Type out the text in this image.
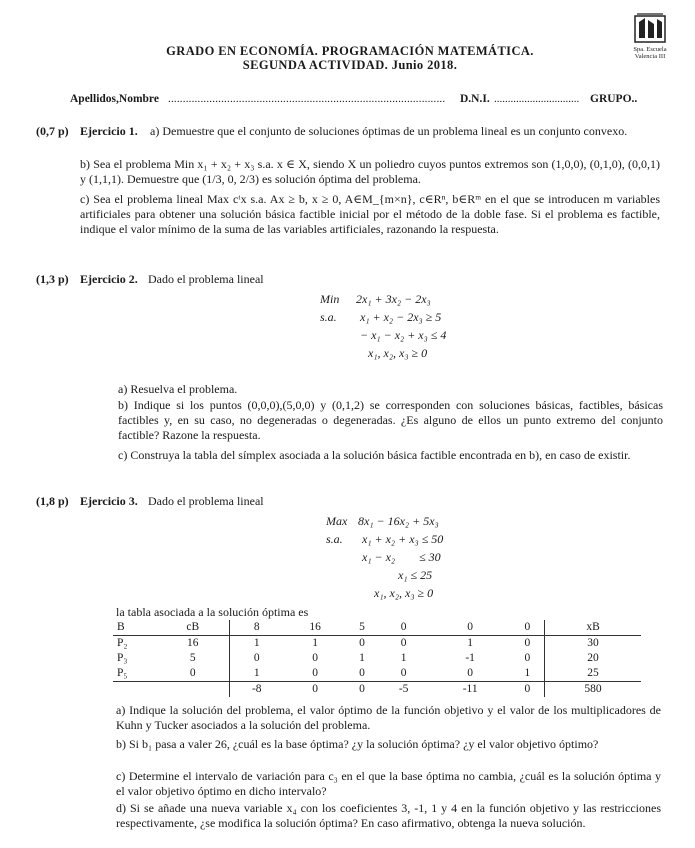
GRADO EN ECONOMÍA. PROGRAMACIÓN MATEMÁTICA.
SEGUNDA ACTIVIDAD. Junio 2018.
Spa. Escuela
Valencia III
Apellidos,Nombre .............................................................................................. D.N.I. ............................... GRUPO..
(0,7 p) Ejercicio 1. a) Demuestre que el conjunto de soluciones óptimas de un problema lineal es un conjunto convexo.
b) Sea el problema Min x₁ + x₂ + x₃ s.a. x ∈ X, siendo X un poliedro cuyos puntos extremos son (1,0,0), (0,1,0), (0,0,1) y (1,1,1). Demuestre que (1/3, 0, 2/3) es solución óptima del problema.
c) Sea el problema lineal Max cᵗx s.a. Ax ≥ b, x ≥ 0, A∈M_{m×n}, c∈Rⁿ, b∈Rᵐ en el que se introducen m variables artificiales para obtener una solución básica factible inicial por el método de la doble fase. Si el problema es factible, indique el valor mínimo de la suma de las variables artificiales, razonando la respuesta.
(1,3 p) Ejercicio 2. Dado el problema lineal
Min 2x₁ + 3x₂ − 2x₃
s.a. x₁ + x₂ − 2x₃ ≥ 5
− x₁ − x₂ + x₃ ≤ 4
x₁, x₂, x₃ ≥ 0
a) Resuelva el problema.
b) Indique si los puntos (0,0,0),(5,0,0) y (0,1,2) se corresponden con soluciones básicas, factibles, básicas factibles y, en su caso, no degeneradas o degeneradas. ¿Es alguno de ellos un punto extremo del conjunto factible? Razone la respuesta.
c) Construya la tabla del símplex asociada a la solución básica factible encontrada en b), en caso de existir.
(1,8 p) Ejercicio 3. Dado el problema lineal
Max 8x₁ − 16x₂ + 5x₃
s.a. x₁ + x₂ + x₃ ≤ 50
x₁ − x₂        ≤ 30
x₁ ≤ 25
x₁, x₂, x₃ ≥ 0
la tabla asociada a la solución óptima es
B	cB	8	16	5	0	0	0	xB
P₂	16	1	1	0	0	1	0	30
P₃	5	0	0	1	1	-1	0	20
P₅	0	1	0	0	0	0	1	25
		-8	0	0	-5	-11	0	580
a) Indique la solución del problema, el valor óptimo de la función objetivo y el valor de los multiplicadores de Kuhn y Tucker asociados a la solución del problema.
b) Si b₁ pasa a valer 26, ¿cuál es la base óptima? ¿y la solución óptima? ¿y el valor objetivo óptimo?
c) Determine el intervalo de variación para c₃ en el que la base óptima no cambia, ¿cuál es la solución óptima y el valor objetivo óptimo en dicho intervalo?
d) Si se añade una nueva variable x₄ con los coeficientes 3, -1, 1 y 4 en la función objetivo y las restricciones respectivamente, ¿se modifica la solución óptima? En caso afirmativo, obtenga la nueva solución.
